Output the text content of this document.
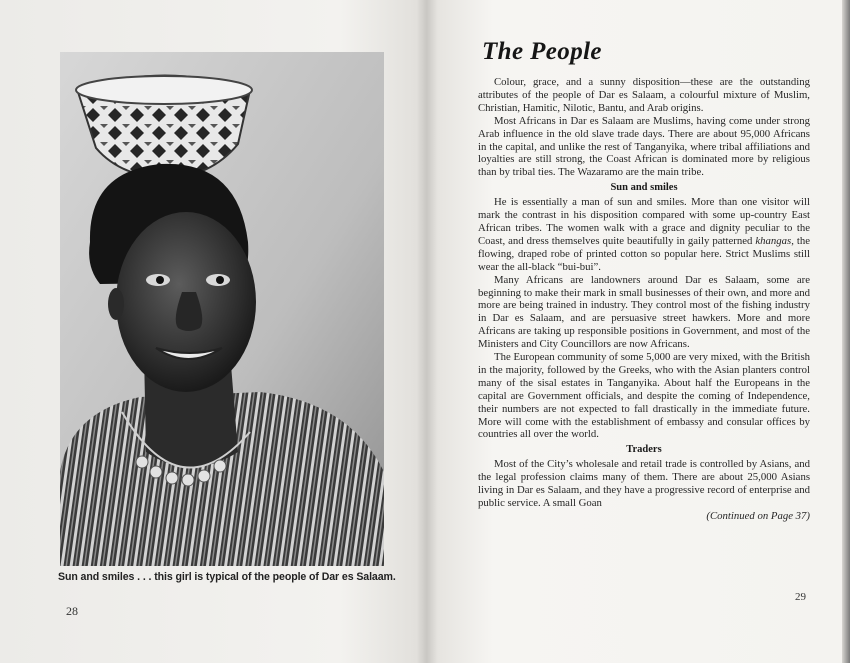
Sun and smiles . . . this girl is typical of the people of Dar es Salaam.
28
The People

Colour, grace, and a sunny disposition—these are the outstanding attributes of the people of Dar es Salaam, a colourful mixture of Muslim, Christian, Hamitic, Nilotic, Bantu, and Arab origins.

Most Africans in Dar es Salaam are Muslims, having come under strong Arab influence in the old slave trade days. There are about 95,000 Africans in the capital, and unlike the rest of Tanganyika, where tribal affiliations and loyalties are still strong, the Coast African is dominated more by religious than by tribal ties. The Wazaramo are the main tribe.

Sun and smiles

He is essentially a man of sun and smiles. More than one visitor will mark the contrast in his disposition compared with some up-country East African tribes. The women walk with a grace and dignity peculiar to the Coast, and dress themselves quite beautifully in gaily patterned khangas, the flowing, draped robe of printed cotton so popular here. Strict Muslims still wear the all-black “bui-bui”.

Many Africans are landowners around Dar es Salaam, some are beginning to make their mark in small businesses of their own, and more and more are being trained in industry. They control most of the fishing industry in Dar es Salaam, and are persuasive street hawkers. More and more Africans are taking up responsible positions in Government, and most of the Ministers and City Councillors are now Africans.

The European community of some 5,000 are very mixed, with the British in the majority, followed by the Greeks, who with the Asian planters control many of the sisal estates in Tanganyika. About half the Europeans in the capital are Government officials, and despite the coming of Independence, their numbers are not expected to fall drastically in the immediate future. More will come with the establishment of embassy and consular offices by countries all over the world.

Traders

Most of the City’s wholesale and retail trade is controlled by Asians, and the legal profession claims many of them. There are about 25,000 Asians living in Dar es Salaam, and they have a progressive record of enterprise and public service. A small Goan

(Continued on Page 37)

29
